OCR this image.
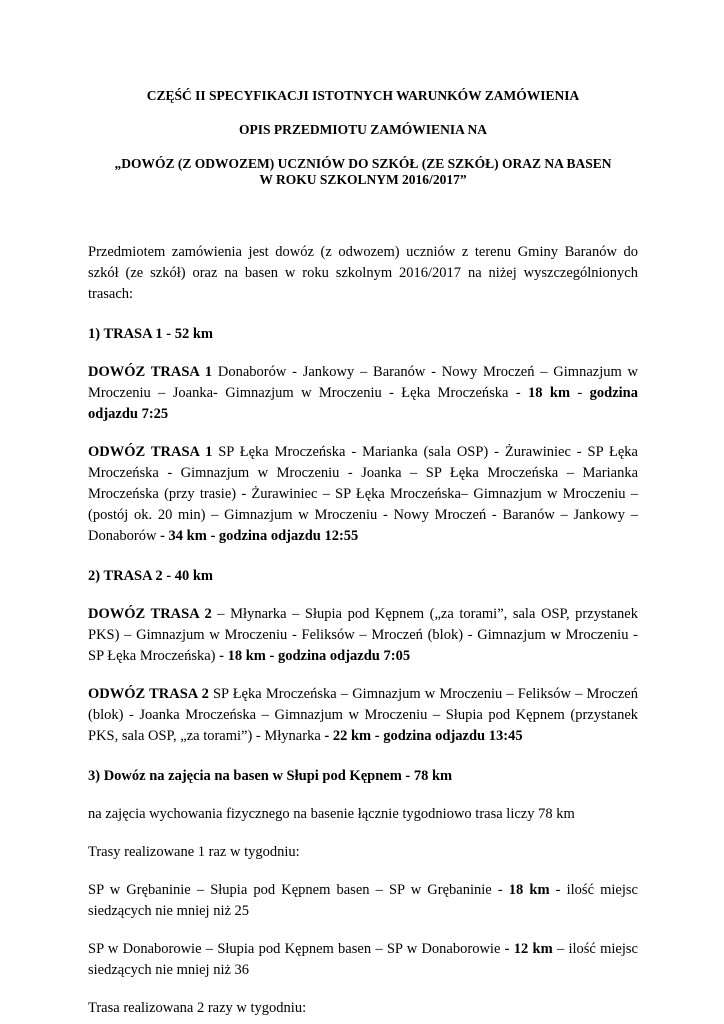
CZĘŚĆ II SPECYFIKACJI ISTOTNYCH WARUNKÓW ZAMÓWIENIA
OPIS PRZEDMIOTU ZAMÓWIENIA NA
„DOWÓZ (Z ODWOZEM) UCZNIÓW DO SZKÓŁ (ZE SZKÓŁ) ORAZ NA BASEN
W ROKU SZKOLNYM 2016/2017”

Przedmiotem zamówienia jest dowóz (z odwozem) uczniów z terenu Gminy Baranów do szkół (ze szkół) oraz na basen w roku szkolnym 2016/2017 na niżej wyszczególnionych trasach:

1) TRASA 1 - 52 km

DOWÓZ TRASA 1 Donaborów - Jankowy – Baranów - Nowy Mroczeń – Gimnazjum w Mroczeniu – Joanka- Gimnazjum w Mroczeniu - Łęka Mroczeńska - 18 km - godzina odjazdu 7:25

ODWÓZ TRASA 1 SP Łęka Mroczeńska - Marianka (sala OSP) - Żurawiniec - SP Łęka Mroczeńska - Gimnazjum w Mroczeniu - Joanka – SP Łęka Mroczeńska – Marianka Mroczeńska (przy trasie) - Żurawiniec – SP Łęka Mroczeńska– Gimnazjum w Mroczeniu – (postój ok. 20 min) – Gimnazjum w Mroczeniu - Nowy Mroczeń - Baranów – Jankowy – Donaborów - 34 km - godzina odjazdu 12:55

2) TRASA 2 - 40 km

DOWÓZ TRASA 2 – Młynarka – Słupia pod Kępnem („za torami”, sala OSP, przystanek PKS) – Gimnazjum w Mroczeniu - Feliksów – Mroczeń (blok) - Gimnazjum w Mroczeniu - SP Łęka Mroczeńska) - 18 km - godzina odjazdu 7:05

ODWÓZ TRASA 2 SP Łęka Mroczeńska – Gimnazjum w Mroczeniu – Feliksów – Mroczeń (blok) - Joanka Mroczeńska – Gimnazjum w Mroczeniu – Słupia pod Kępnem (przystanek PKS, sala OSP, „za torami”) - Młynarka - 22 km - godzina odjazdu 13:45

3) Dowóz na zajęcia na basen w Słupi pod Kępnem - 78 km

na zajęcia wychowania fizycznego na basenie łącznie tygodniowo trasa liczy 78 km

Trasy realizowane 1 raz w tygodniu:

SP w Grębaninie – Słupia pod Kępnem basen – SP w Grębaninie - 18 km - ilość miejsc siedzących nie mniej niż 25

SP w Donaborowie – Słupia pod Kępnem basen – SP w Donaborowie - 12 km – ilość miejsc siedzących nie mniej niż 36

Trasa realizowana 2 razy w tygodniu:
